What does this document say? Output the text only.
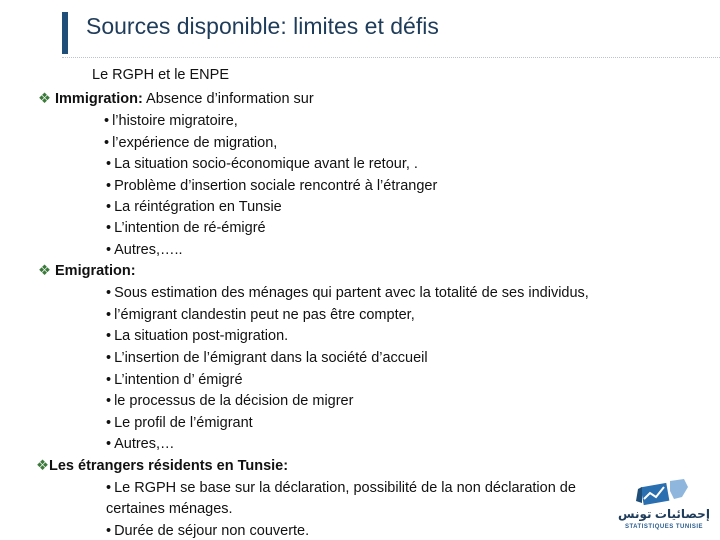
Sources disponible: limites et défis
Le RGPH et le ENPE
❖ Immigration: Absence d’information sur
• l’histoire migratoire,
• l’expérience de migration,
• La situation socio-économique avant le retour, .
• Problème d’insertion sociale rencontré à l’étranger
• La réintégration en Tunsie
• L’intention de ré-émigré
• Autres,…..
❖ Emigration:
• Sous estimation des ménages qui partent avec la totalité de ses individus,
• l’émigrant clandestin peut ne pas être compter,
• La situation post-migration.
• L’insertion de l’émigrant dans la société d’accueil
• L’intention d’ émigré
• le processus de la décision de migrer
• Le profil de l’émigrant
• Autres,…
❖Les étrangers résidents en Tunsie:
• Le RGPH se base sur la déclaration, possibilité de la non déclaration de
certaines ménages.
• Durée de séjour non couverte.
إحصائيات تونس
STATISTIQUES TUNISIE
